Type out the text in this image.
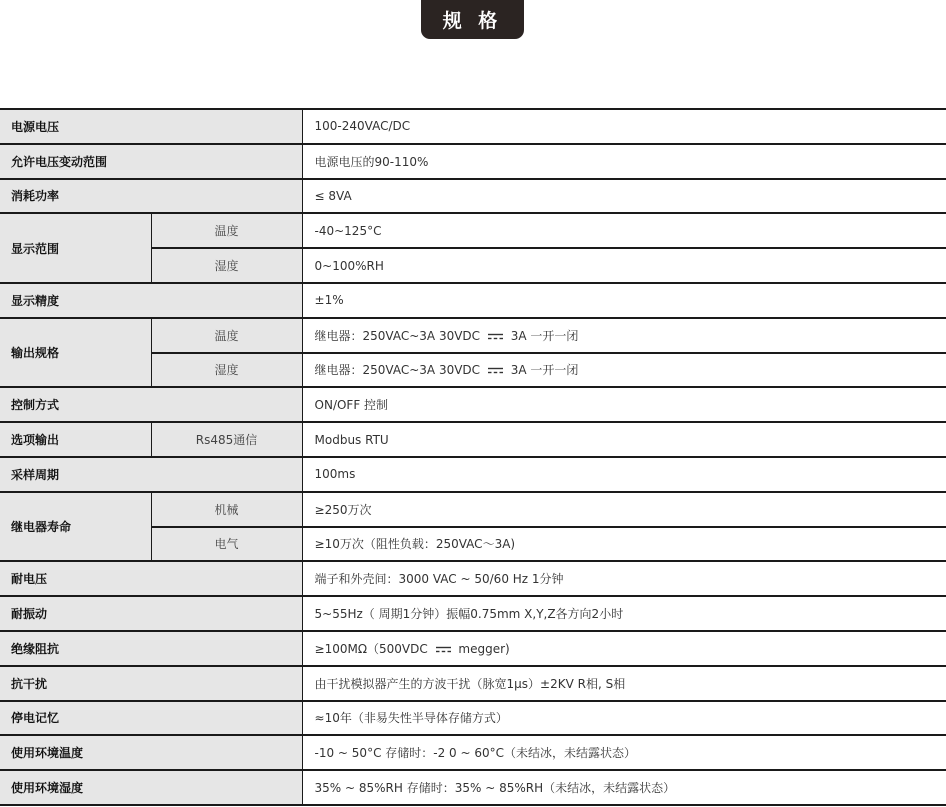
规 格
电源电压		100-240VAC/DC
允许电压变动范围		电源电压的90-110%
消耗功率		≤ 8VA
显示范围	温度	-40~125°C
	湿度	0~100%RH
显示精度		±1%
输出规格	温度	继电器：250VAC~3A 30VDC 3A 一开一闭
	湿度	继电器：250VAC~3A 30VDC 3A 一开一闭
控制方式		ON/OFF 控制
选项输出	Rs485通信	Modbus RTU
采样周期		100ms
继电器寿命	机械	≥250万次
	电气	≥10万次（阻性负载：250VAC～3A)
耐电压		端子和外壳间：3000 VAC ~ 50/60 Hz 1分钟
耐振动		5~55Hz（ 周期1分钟）振幅0.75mm X,Y,Z各方向2小时
绝缘阻抗		≥100MΩ（500VDC megger)
抗干扰		由干扰模拟器产生的方波干扰（脉宽1μs）±2KV R相, S相
停电记忆		≈10年（非易失性半导体存储方式）
使用环境温度		-10 ~ 50°C 存储时：-2 0 ~ 60°C（未结冰，未结露状态）
使用环境湿度		35% ~ 85%RH 存储时：35% ~ 85%RH（未结冰，未结露状态）
